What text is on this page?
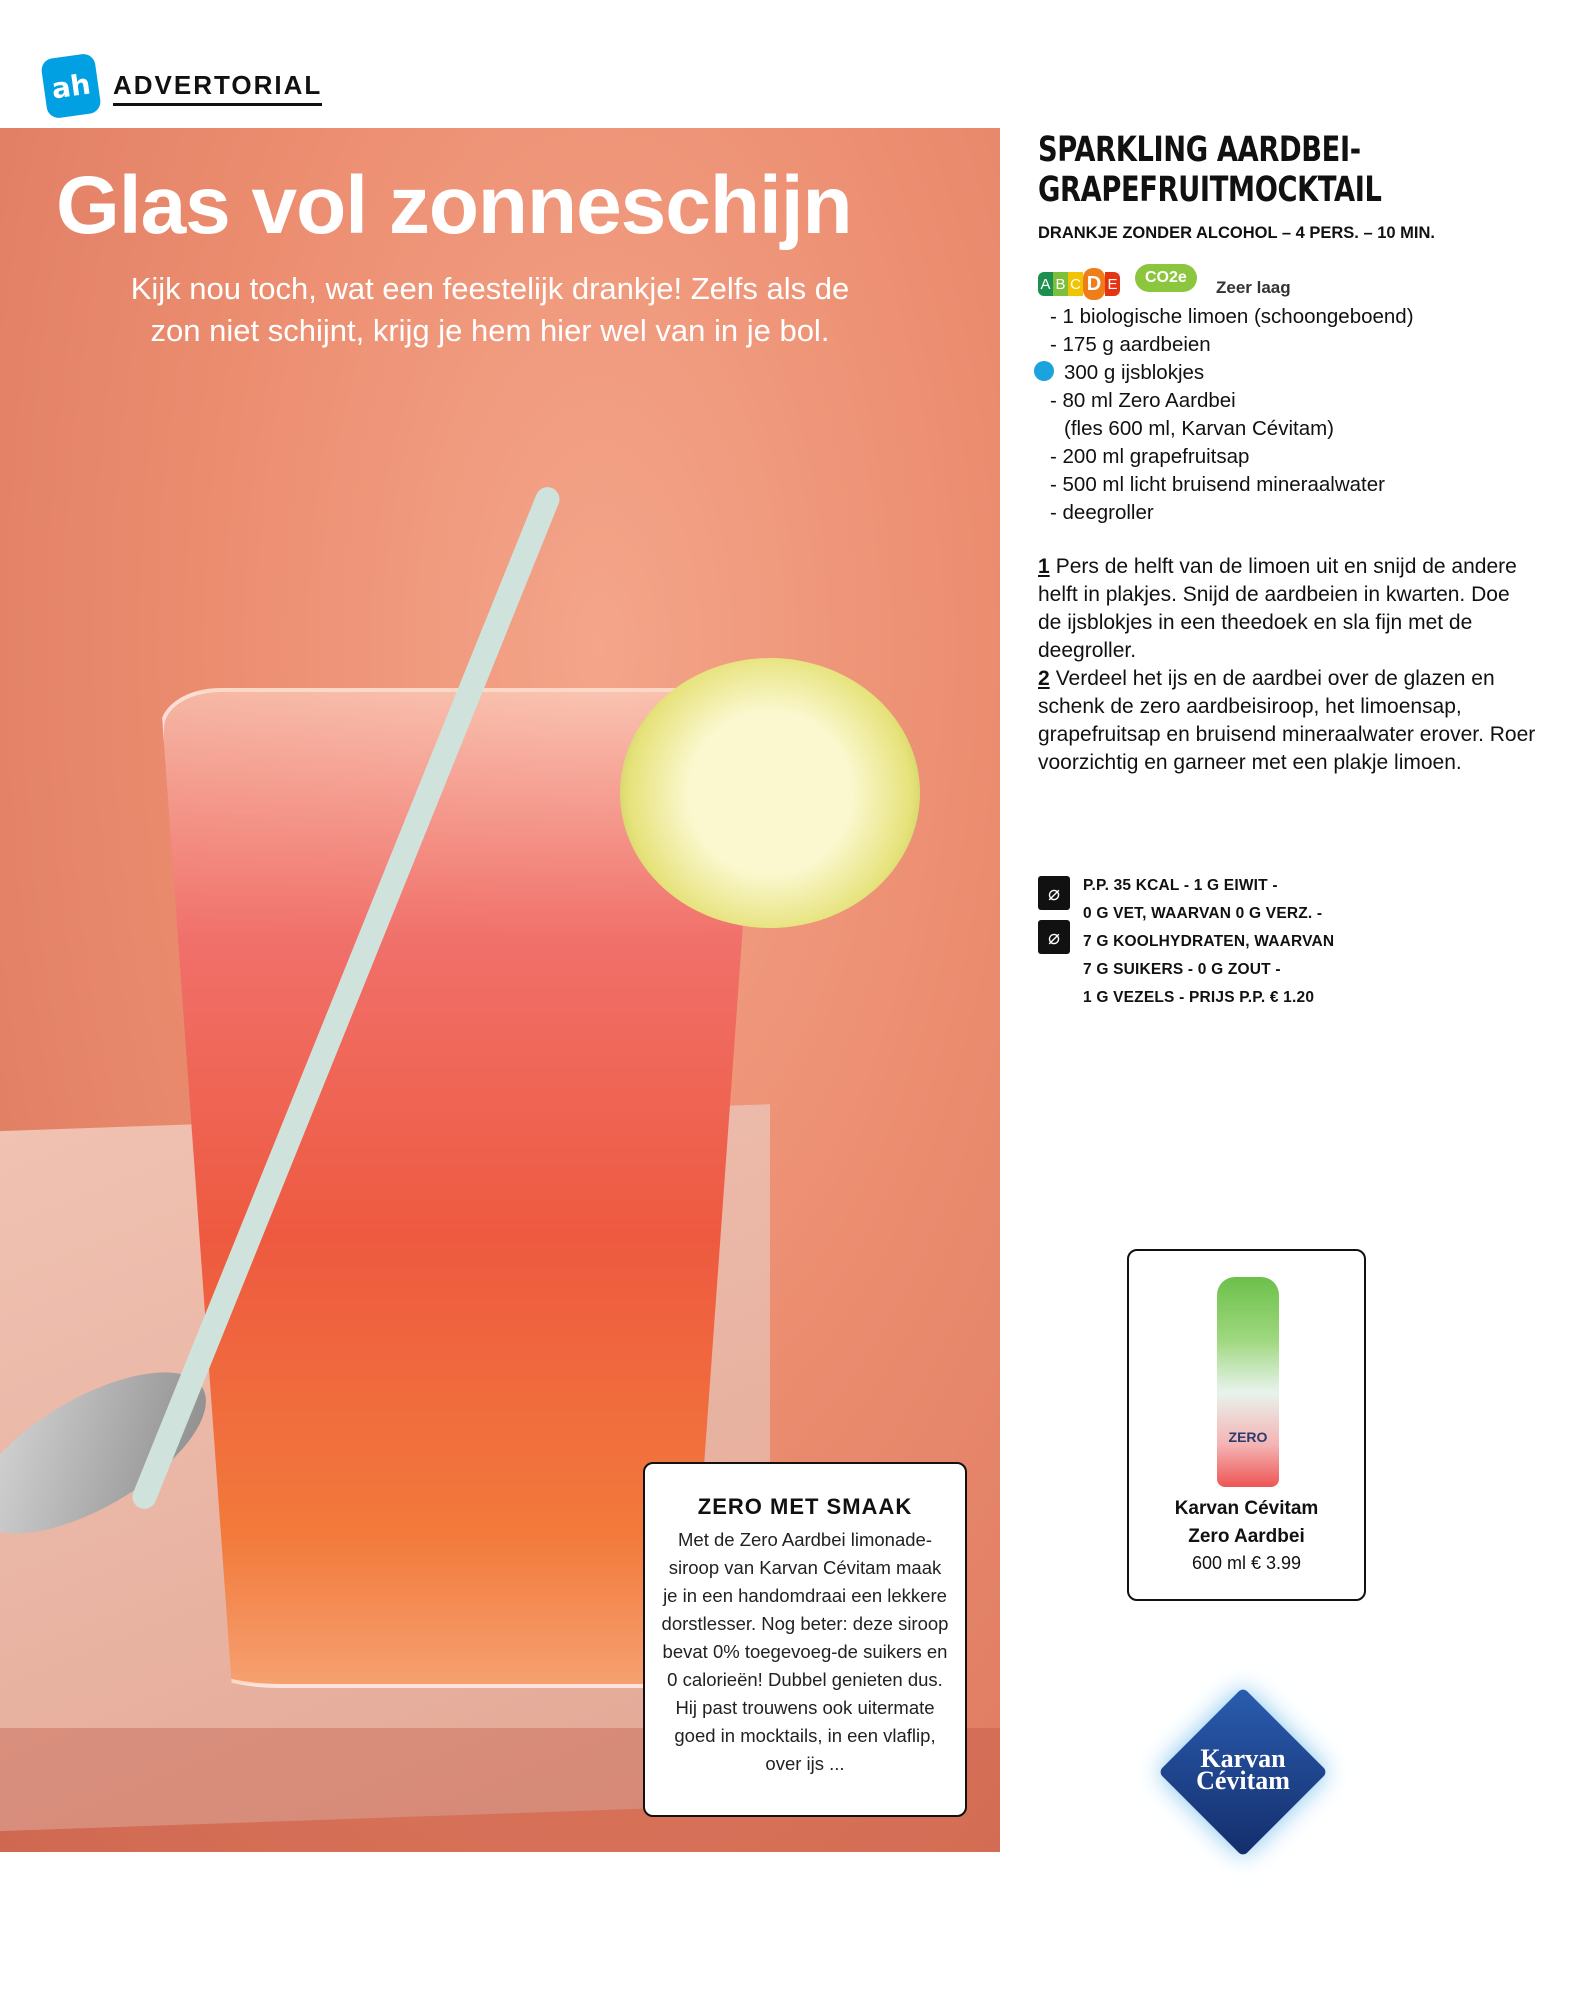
ah ADVERTORIAL
Glas vol zonneschijn
Kijk nou toch, wat een feestelijk drankje! Zelfs als de zon niet schijnt, krijg je hem hier wel van in je bol.
ZERO MET SMAAK

Met de Zero Aardbei limonade-siroop van Karvan Cévitam maak je in een handomdraai een lekkere dorstlesser. Nog beter: deze siroop bevat 0% toegevoeg-de suikers en 0 calorieën! Dubbel genieten dus. Hij past trouwens ook uitermate goed in mocktails, in een vlaflip, over ijs ...

SPARKLING AARDBEI-
GRAPEFRUITMOCKTAIL
DRANKJE ZONDER ALCOHOL – 4 PERS. – 10 MIN.
A B C D E	CO2e
Zeer laag
- 1 biologische limoen (schoongeboend)
- 175 g aardbeien
300 g ijsblokjes
- 80 ml Zero Aardbei
(fles 600 ml, Karvan Cévitam)
- 200 ml grapefruitsap
- 500 ml licht bruisend mineraalwater
- deegroller

1 Pers de helft van de limoen uit en snijd de andere helft in plakjes. Snijd de aardbeien in kwarten. Doe de ijsblokjes in een theedoek en sla fijn met de deegroller.

2 Verdeel het ijs en de aardbei over de glazen en schenk de zero aardbeisiroop, het limoensap, grapefruitsap en bruisend mineraalwater erover. Roer voorzichtig en garneer met een plakje limoen.

⌀
⌀
P.P. 35 KCAL - 1 G EIWIT -
0 G VET, WAARVAN 0 G VERZ. -
7 G KOOLHYDRATEN, WAARVAN
7 G SUIKERS - 0 G ZOUT -
1 G VEZELS - PRIJS P.P. € 1.20
ZERO
Karvan Cévitam
Zero Aardbei
600 ml € 3.99
Karvan
Cévitam
